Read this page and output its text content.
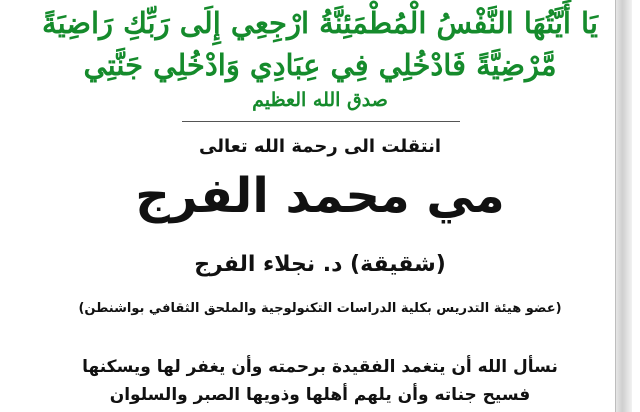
يَا أَيَّتُهَا النَّفْسُ الْمُطْمَئِنَّةُ ارْجِعِي إِلَى رَبِّكِ رَاضِيَةً
مَّرْضِيَّةً فَادْخُلِي فِي عِبَادِي وَادْخُلِي جَنَّتِي
صدق الله العظيم
انتقلت الى رحمة الله تعالى
مي محمد الفرج
(شقيقة) د. نجلاء الفرج
(عضو هيئة التدريس بكلية الدراسات التكنولوجية والملحق الثقافي بواشنطن)
نسأل الله أن يتغمد الفقيدة برحمته وأن يغفر لها ويسكنها
فسيح جناته وأن يلهم أهلها وذويها الصبر والسلوان
